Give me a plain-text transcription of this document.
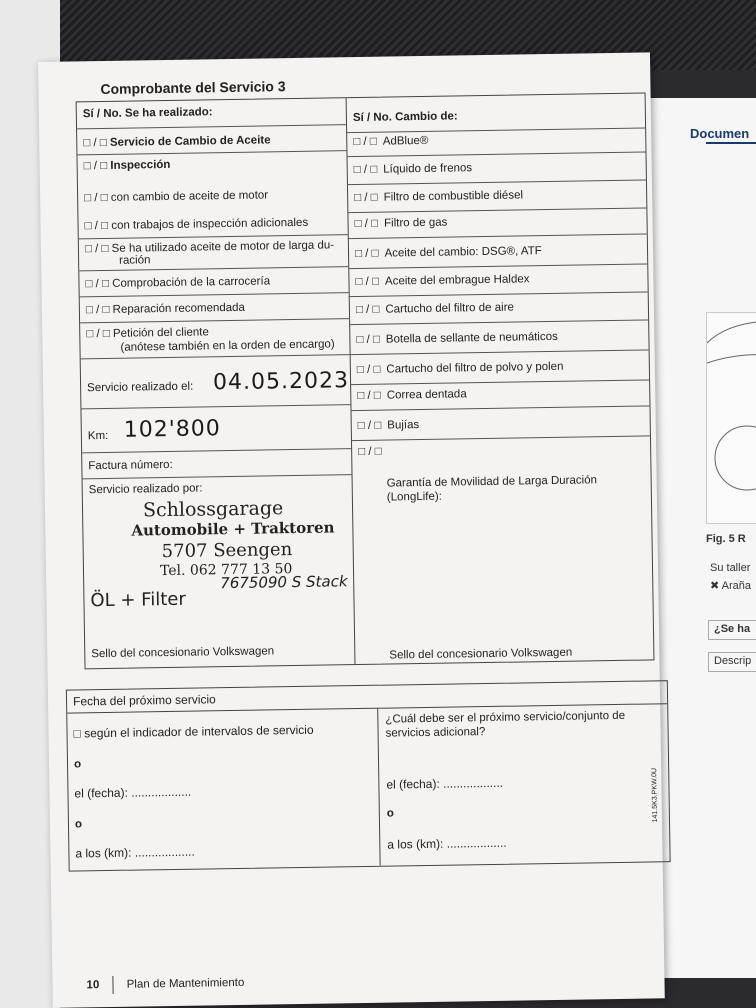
Documen
Fig. 5 R
Su taller
✖ Araña
¿Se ha
Descrip
Comprobante del Servicio 3
Sí / No. Se ha realizado:
□ / □ Servicio de Cambio de Aceite
□ / □ Inspección
□ / □ con cambio de aceite de motor
□ / □ con trabajos de inspección adicionales
□ / □ Se ha utilizado aceite de motor de larga du-
ración
□ / □ Comprobación de la carrocería
□ / □ Reparación recomendada
□ / □ Petición del cliente
(anótese también en la orden de encargo)
Servicio realizado el: 04.05.2023
Km: 102'800
Factura número:
Servicio realizado por:
Schlossgarage
Automobile + Traktoren
5707 Seengen
Tel. 062 777 13 50
7675090 S Stack
ÖL + Filter
Sello del concesionario Volkswagen
Sí / No. Cambio de:
□ / □ AdBlue®
□ / □ Líquido de frenos
□ / □ Filtro de combustible diésel
□ / □ Filtro de gas
□ / □ Aceite del cambio: DSG®, ATF
□ / □ Aceite del embrague Haldex
□ / □ Cartucho del filtro de aire
□ / □ Botella de sellante de neumáticos
□ / □ Cartucho del filtro de polvo y polen
□ / □ Correa dentada
□ / □ Bujías
□ / □
Garantía de Movilidad de Larga Duración
(LongLife):
Sello del concesionario Volkswagen
Fecha del próximo servicio
□ según el indicador de intervalos de servicio
o
el (fecha): ..................
o
a los (km): ..................
¿Cuál debe ser el próximo servicio/conjunto de
servicios adicional?
el (fecha): ..................
o
a los (km): ..................
141.5K3.PKW.0U
10 Plan de Mantenimiento
